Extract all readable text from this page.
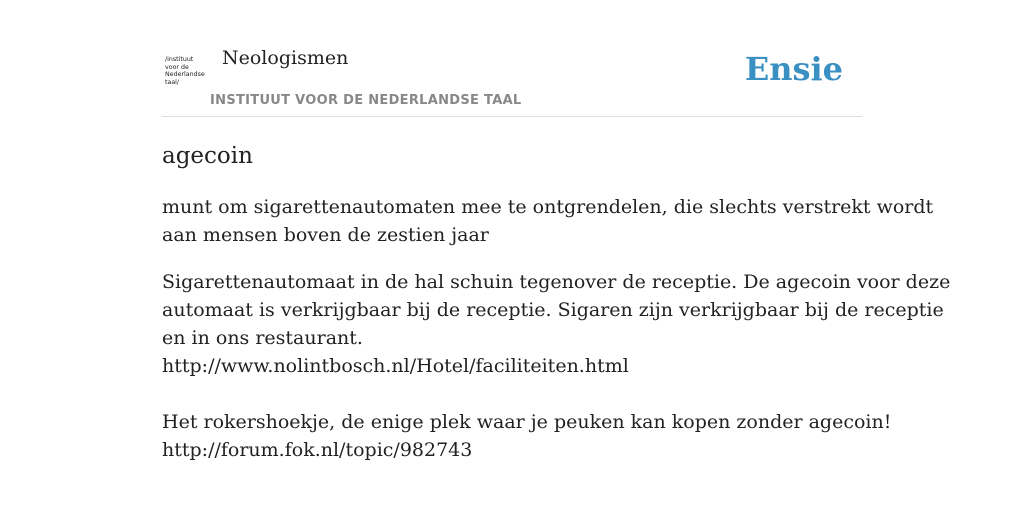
/instituut
voor de
Nederlandse
taal/
Neologismen
INSTITUUT VOOR DE NEDERLANDSE TAAL
Ensie
agecoin
munt om sigarettenautomaten mee te ontgrendelen, die slechts verstrekt wordt
aan mensen boven de zestien jaar
Sigarettenautomaat in de hal schuin tegenover de receptie. De agecoin voor deze
automaat is verkrijgbaar bij de receptie. Sigaren zijn verkrijgbaar bij de receptie
en in ons restaurant.
http://www.nolintbosch.nl/Hotel/faciliteiten.html
Het rokershoekje, de enige plek waar je peuken kan kopen zonder agecoin!
http://forum.fok.nl/topic/982743
